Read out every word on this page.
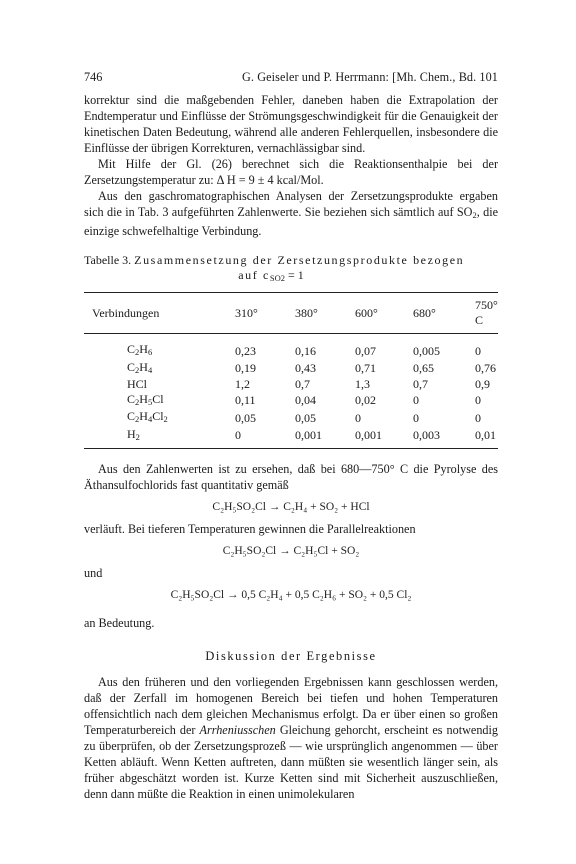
746	G. Geiseler und P. Herrmann: [Mh. Chem., Bd. 101

korrektur sind die maßgebenden Fehler, daneben haben die Extrapolation der Endtemperatur und Einflüsse der Strömungsgeschwindigkeit für die Genauigkeit der kinetischen Daten Bedeutung, während alle anderen Fehlerquellen, insbesondere die Einflüsse der übrigen Korrekturen, vernachlässigbar sind.

Mit Hilfe der Gl. (26) berechnet sich die Reaktionsenthalpie bei der Zersetzungstemperatur zu: Δ H = 9 ± 4 kcal/Mol.

Aus den gaschromatographischen Analysen der Zersetzungsprodukte ergaben sich die in Tab. 3 aufgeführten Zahlenwerte. Sie beziehen sich sämtlich auf $SO_2$, die einzige schwefelhaltige Verbindung.

Tabelle 3. Zusammensetzung der Zersetzungsprodukte bezogen
auf $c_{SO2} = 1$
Verbindungen	310°	380°	600°	680°	750° C
$C_2H_6$	0,23	0,16	0,07	0,005	0
$C_2H_4$	0,19	0,43	0,71	0,65	0,76
HCl	1,2	0,7	1,3	0,7	0,9
$C_2H_5Cl$	0,11	0,04	0,02	0	0
$C_2H_4Cl_2$	0,05	0,05	0	0	0
$H_2$	0	0,001	0,001	0,003	0,01

Aus den Zahlenwerten ist zu ersehen, daß bei 680—750° C die Pyrolyse des Äthansulfochlorids fast quantitativ gemäß

C₂H₅SO₂Cl → C₂H₄ + SO₂ + HCl

verläuft. Bei tieferen Temperaturen gewinnen die Parallelreaktionen

C₂H₅SO₂Cl → C₂H₅Cl + SO₂

und

C₂H₅SO₂Cl → 0,5 C₂H₄ + 0,5 C₂H₆ + SO₂ + 0,5 Cl₂

an Bedeutung.

Diskussion der Ergebnisse

Aus den früheren und den vorliegenden Ergebnissen kann geschlossen werden, daß der Zerfall im homogenen Bereich bei tiefen und hohen Temperaturen offensichtlich nach dem gleichen Mechanismus erfolgt. Da er über einen so großen Temperaturbereich der Arrheniusschen Gleichung gehorcht, erscheint es notwendig zu überprüfen, ob der Zersetzungsprozeß — wie ursprünglich angenommen — über Ketten abläuft. Wenn Ketten auftreten, dann müßten sie wesentlich länger sein, als früher abgeschätzt worden ist. Kurze Ketten sind mit Sicherheit auszuschließen, denn dann müßte die Reaktion in einen unimolekularen
